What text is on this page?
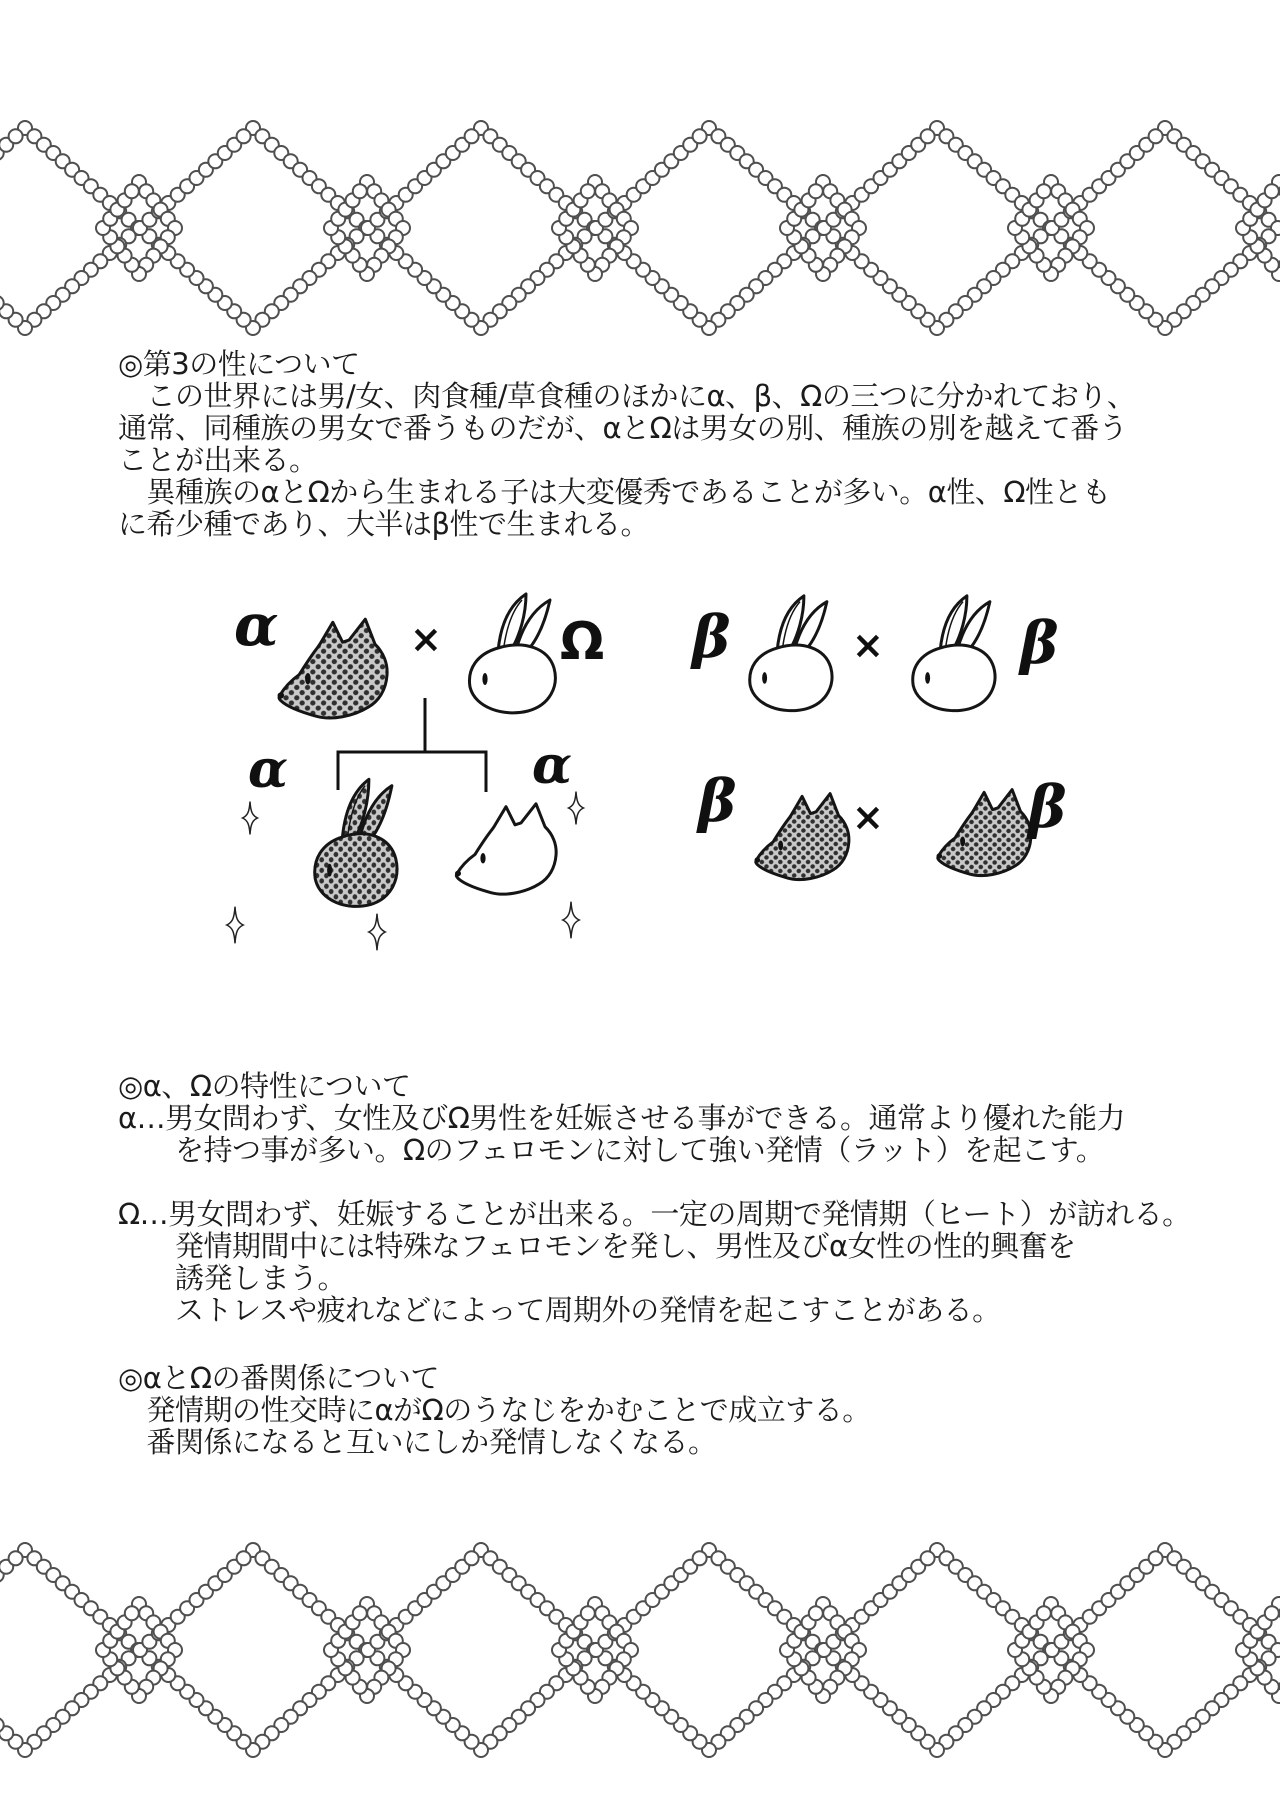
◎第3の性について
　この世界には男/女、肉食種/草食種のほかにα、β、Ωの三つに分かれており、
通常、同種族の男女で番うものだが、αとΩは男女の別、種族の別を越えて番う
ことが出来る。
　異種族のαとΩから生まれる子は大変優秀であることが多い。α性、Ω性とも
に希少種であり、大半はβ性で生まれる。
α	× Ω
α	α
β	× β
β	× β
◎α、Ωの特性について
α…男女問わず、女性及びΩ男性を妊娠させる事ができる。通常より優れた能力
　　を持つ事が多い。Ωのフェロモンに対して強い発情（ラット）を起こす。
Ω…男女問わず、妊娠することが出来る。一定の周期で発情期（ヒート）が訪れる。
　　発情期間中には特殊なフェロモンを発し、男性及びα女性の性的興奮を
　　誘発しまう。
　　ストレスや疲れなどによって周期外の発情を起こすことがある。
◎αとΩの番関係について
　発情期の性交時にαがΩのうなじをかむことで成立する。
　番関係になると互いにしか発情しなくなる。
